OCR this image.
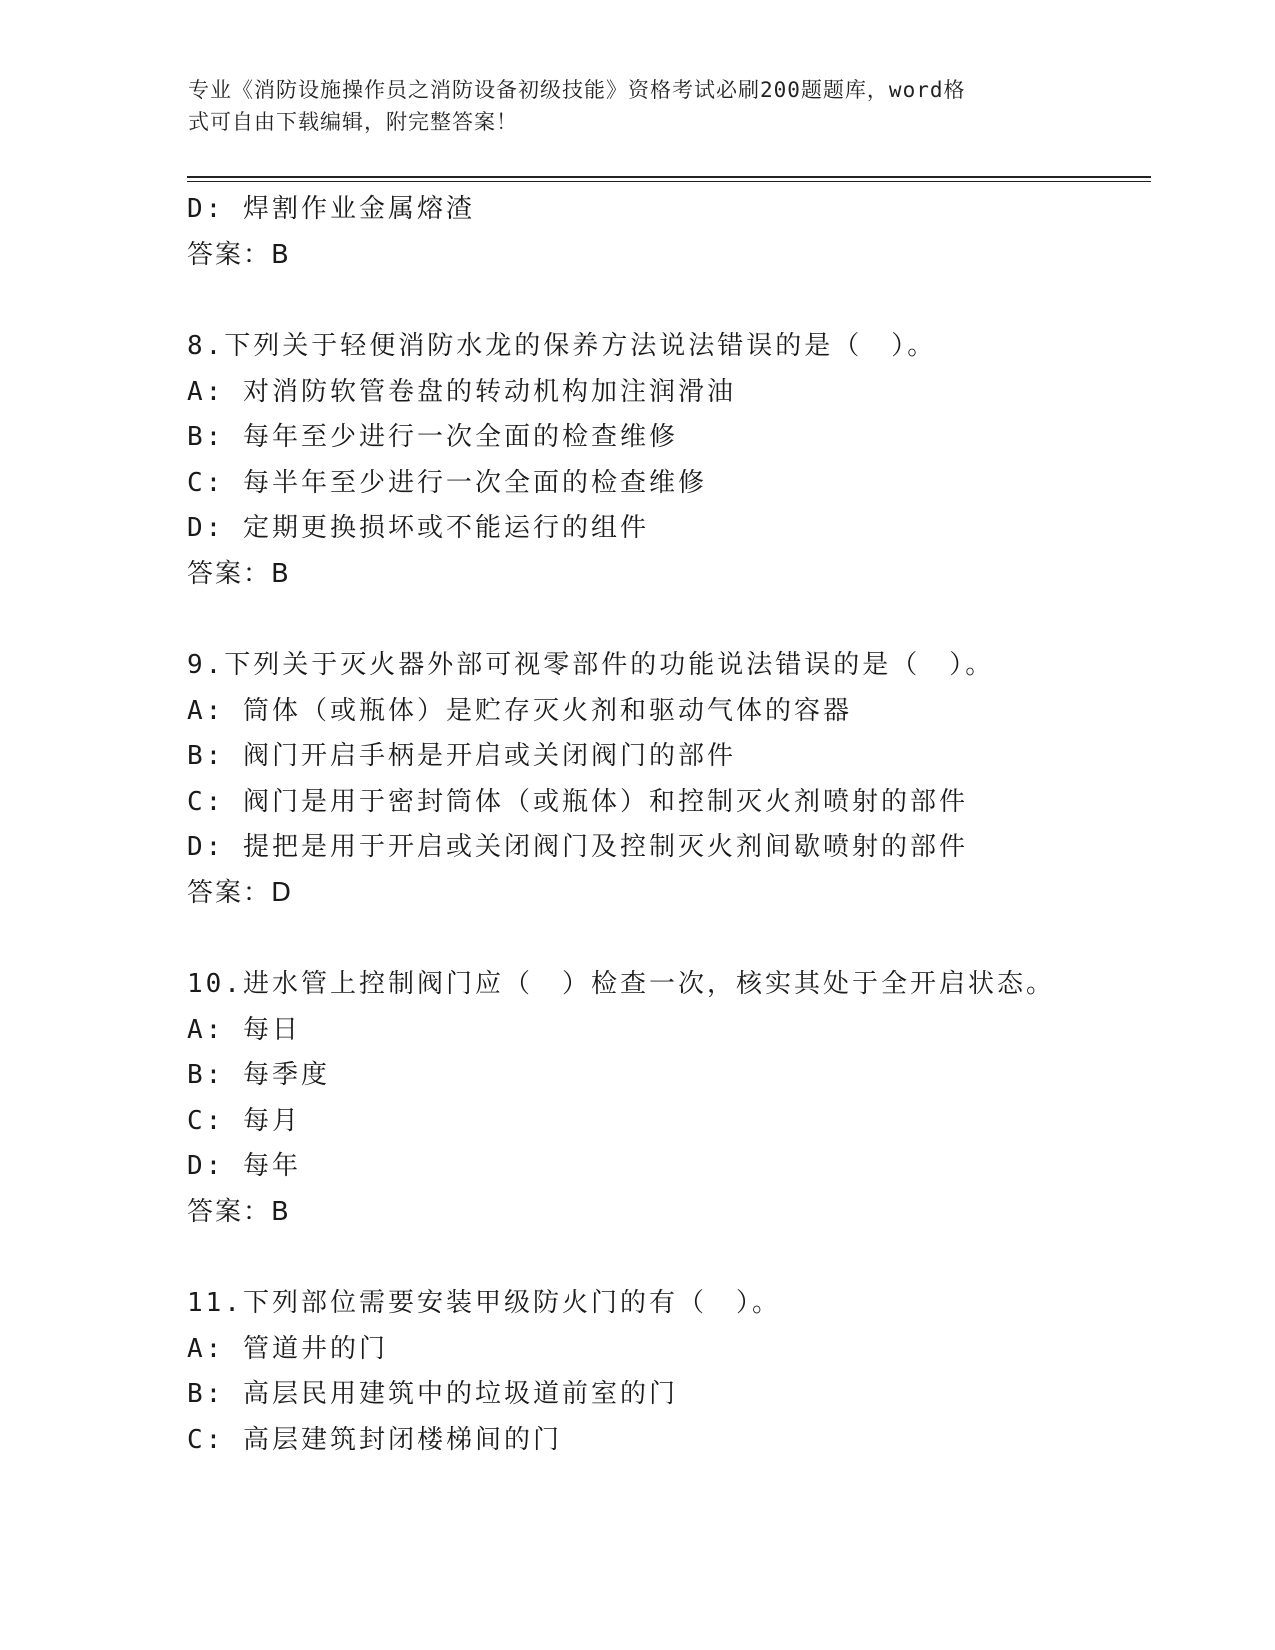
专业《消防设施操作员之消防设备初级技能》资格考试必刷200题题库，word格
式可自由下载编辑，附完整答案！
D: 焊割作业金属熔渣
答案：B
8.下列关于轻便消防水龙的保养方法说法错误的是（　）。
A: 对消防软管卷盘的转动机构加注润滑油
B: 每年至少进行一次全面的检查维修
C: 每半年至少进行一次全面的检查维修
D: 定期更换损坏或不能运行的组件
答案：B
9.下列关于灭火器外部可视零部件的功能说法错误的是（　）。
A: 筒体（或瓶体）是贮存灭火剂和驱动气体的容器
B: 阀门开启手柄是开启或关闭阀门的部件
C: 阀门是用于密封筒体（或瓶体）和控制灭火剂喷射的部件
D: 提把是用于开启或关闭阀门及控制灭火剂间歇喷射的部件
答案：D
10.进水管上控制阀门应（　）检查一次，核实其处于全开启状态。
A: 每日
B: 每季度
C: 每月
D: 每年
答案：B
11.下列部位需要安装甲级防火门的有（　）。
A: 管道井的门
B: 高层民用建筑中的垃圾道前室的门
C: 高层建筑封闭楼梯间的门
